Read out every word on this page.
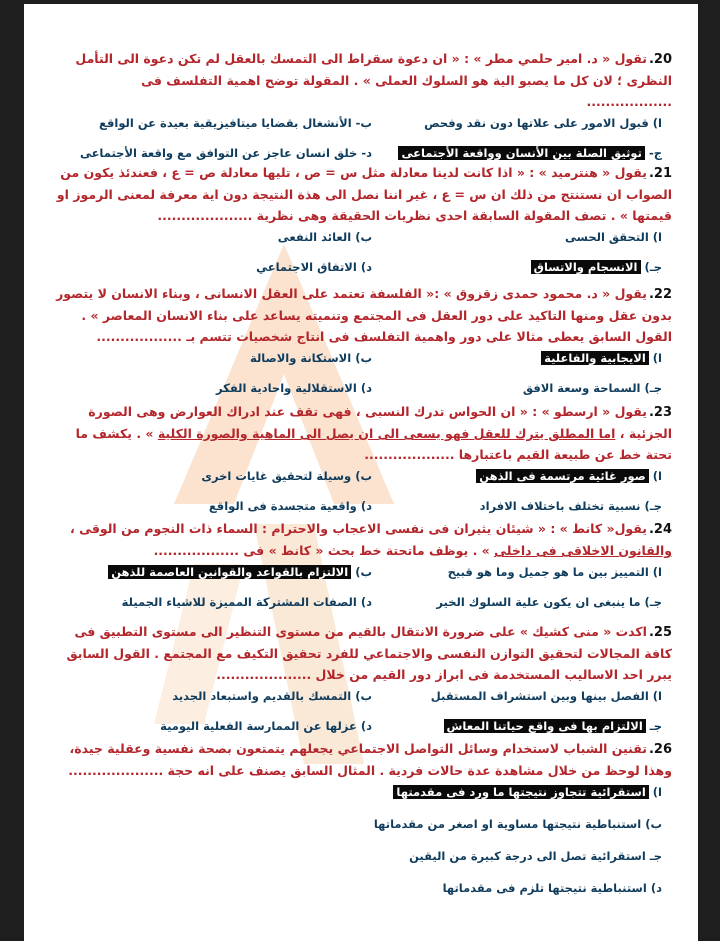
20.تقول « د. امير حلمي مطر » : « ان دعوة سقراط الى التمسك بالعقل لم تكن دعوة الى التأمل النظرى ؛ لان كل ما يصبو الية هو السلوك العملى » . المقولة توضح اهمية التفلسف فى ..................
ا) قبول الامور على علاتها دون نقد وفحص
ب- الأنشغال بقضايا ميتافيزيقية بعيدة عن الواقع
ج- توثيق الصلة بين الأنسان وواقعة الأجتماعى
د- خلق انسان عاجز عن التوافق مع واقعة الأجتماعى
21.يقول « هنترميد » : « اذا كانت لدينا معادلة مثل س = ص ، تليها معادلة ص = ع ، فعندئذ يكون من الصواب ان نستنتج من ذلك ان س = ع ، غير اننا نصل الى هذة النتيجة دون اية معرفة لمعنى الرموز او قيمتها » . تصف المقولة السابقة احدى نظريات الحقيقة وهى نظرية ....................
ا) التحقق الحسى
ب) العائد النفعى
جـ) الانسجام والاتساق
د) الاتفاق الاجتماعي
22.يقول « د. محمود حمدى زقزوق » :« الفلسفة تعتمد على العقل الانسانى ، وبناء الانسان لا يتصور بدون عقل ومنها التاكيد على دور العقل فى المجتمع وتنميته يساعد على بناء الانسان المعاصر » . القول السابق يعطى مثالا على دور واهمية التفلسف فى انتاج شخصيات تتسم بـ ..................
ا) الايجابية والفاعلية
ب) الاستكانة والاصالة
جـ) السماحة وسعة الافق
د) الاستقلالية واحادية الفكر
23.يقول « ارسطو » : « ان الحواس تدرك النسبى ، فهى تقف عند ادراك العوارض وهى الصورة الجزئية ، اما المطلق يترك للعقل فهو يسعى الى ان يصل الى الماهية والصورة الكلية » . يكشف ما تحتة خط عن طبيعة القيم باعتبارها ...................
ا) صور غائية مرتسمة فى الذهن
ب) وسيلة لتحقيق غايات اخرى
جـ) نسبية تختلف باختلاف الافراد
د) واقعية متجسدة فى الواقع
24.يقول« كانط » : « شيئان يثيران فى نفسى الاعجاب والاحترام : السماء ذات النجوم من الوقى ، والقانون الاخلاقى فى داخلى » . يوظف ماتحتة خط بحث « كانط » فى ..................
ا) التمييز بين ما هو جميل وما هو قبيح
ب) الالتزام بالقواعد والقوانين العاصمة للذهن
جـ) ما ينبغى ان يكون علية السلوك الخير
د) الصفات المشتركة المميزة للاشياء الجميلة
25.اكدت « منى كشيك » على ضرورة الانتقال بالقيم من مستوى التنظير الى مستوى التطبيق فى كافة المجالات لتحقيق التوازن النفسى والاجتماعي للفرد تحقيق التكيف مع المجتمع . القول السابق يبرر احد الاساليب المستخدمة فى ابراز دور القيم من خلال ....................
ا) الفصل بينها وبين استشراف المستقبل
ب) التمسك بالقديم واستبعاد الجديد
جـ الالتزام بها فى واقع حياتنا المعاش
د) عزلها عن الممارسة الفعلية اليومية
26.تقنين الشباب لاستخدام وسائل التواصل الاجتماعي يجعلهم يتمتعون بصحة نفسية وعقلية جيدة، وهذا لوحظ من خلال مشاهدة عدة حالات فردية . المثال السابق يصنف على انه حجة ....................
ا) استقرائية تتجاوز نتيجتها ما ورد فى مقدمتها
ب) استنباطية نتيجتها مساوية او اصغر من مقدماتها
جـ استقرائية تصل الى درجة كبيرة من اليقين
د) استنباطية نتيجتها تلزم فى مقدماتها
